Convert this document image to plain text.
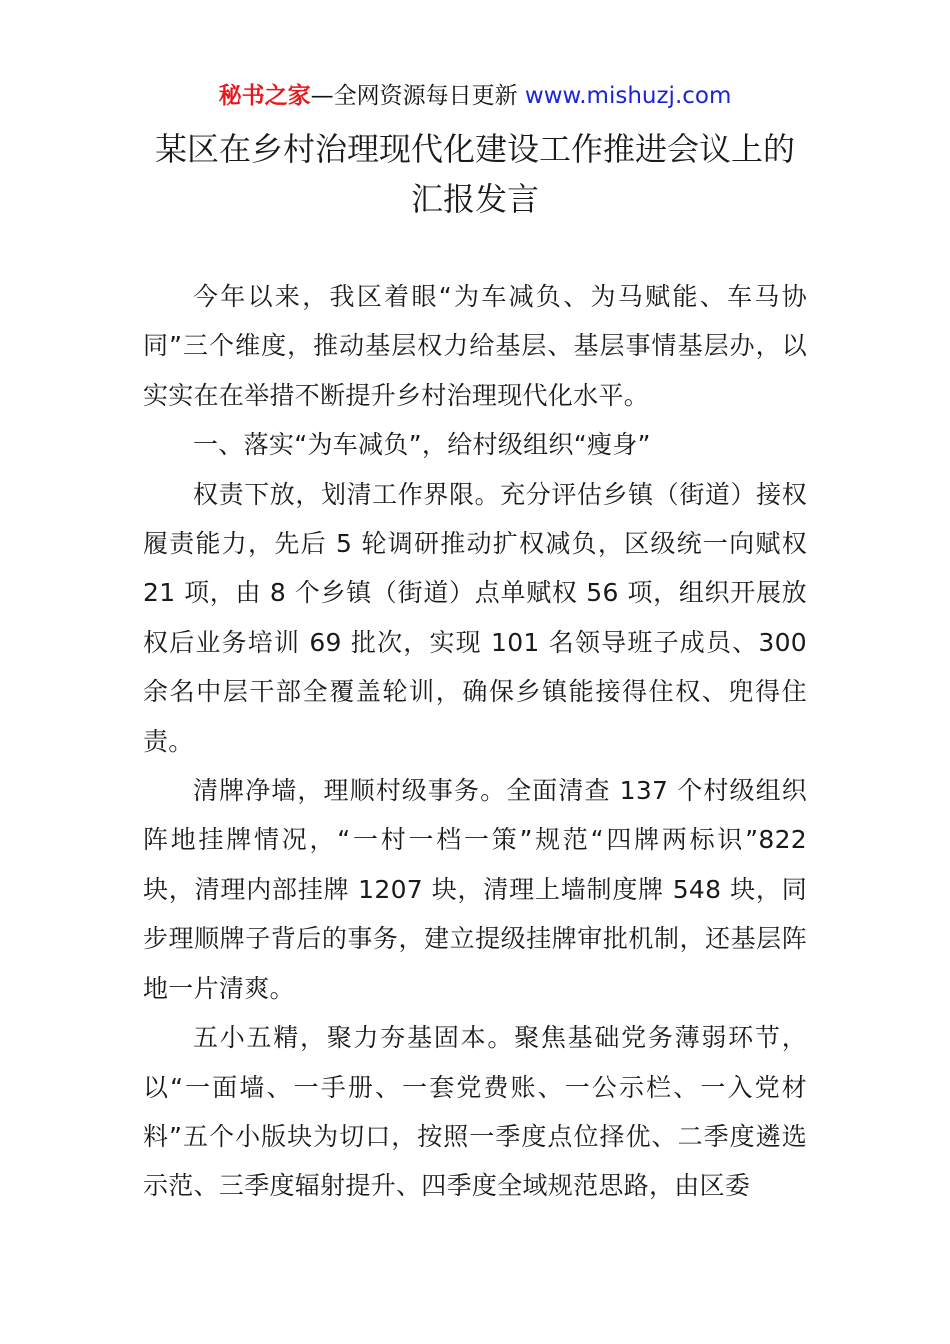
秘书之家—全网资源每日更新 www.mishuzj.com
某区在乡村治理现代化建设工作推进会议上的
汇报发言

今年以来，我区着眼“为车减负、为马赋能、车马协同”三个维度，推动基层权力给基层、基层事情基层办，以实实在在举措不断提升乡村治理现代化水平。

一、落实“为车减负”，给村级组织“瘦身”

权责下放，划清工作界限。充分评估乡镇（街道）接权履责能力，先后 5 轮调研推动扩权减负，区级统一向赋权 21 项，由 8 个乡镇（街道）点单赋权 56 项，组织开展放权后业务培训 69 批次，实现 101 名领导班子成员、300 余名中层干部全覆盖轮训，确保乡镇能接得住权、兜得住责。

清牌净墙，理顺村级事务。全面清查 137 个村级组织阵地挂牌情况，“一村一档一策”规范“四牌两标识”822 块，清理内部挂牌 1207 块，清理上墙制度牌 548 块，同步理顺牌子背后的事务，建立提级挂牌审批机制，还基层阵地一片清爽。

五小五精，聚力夯基固本。聚焦基础党务薄弱环节，以“一面墙、一手册、一套党费账、一公示栏、一入党材料”五个小版块为切口，按照一季度点位择优、二季度遴选示范、三季度辐射提升、四季度全域规范思路，由区委
